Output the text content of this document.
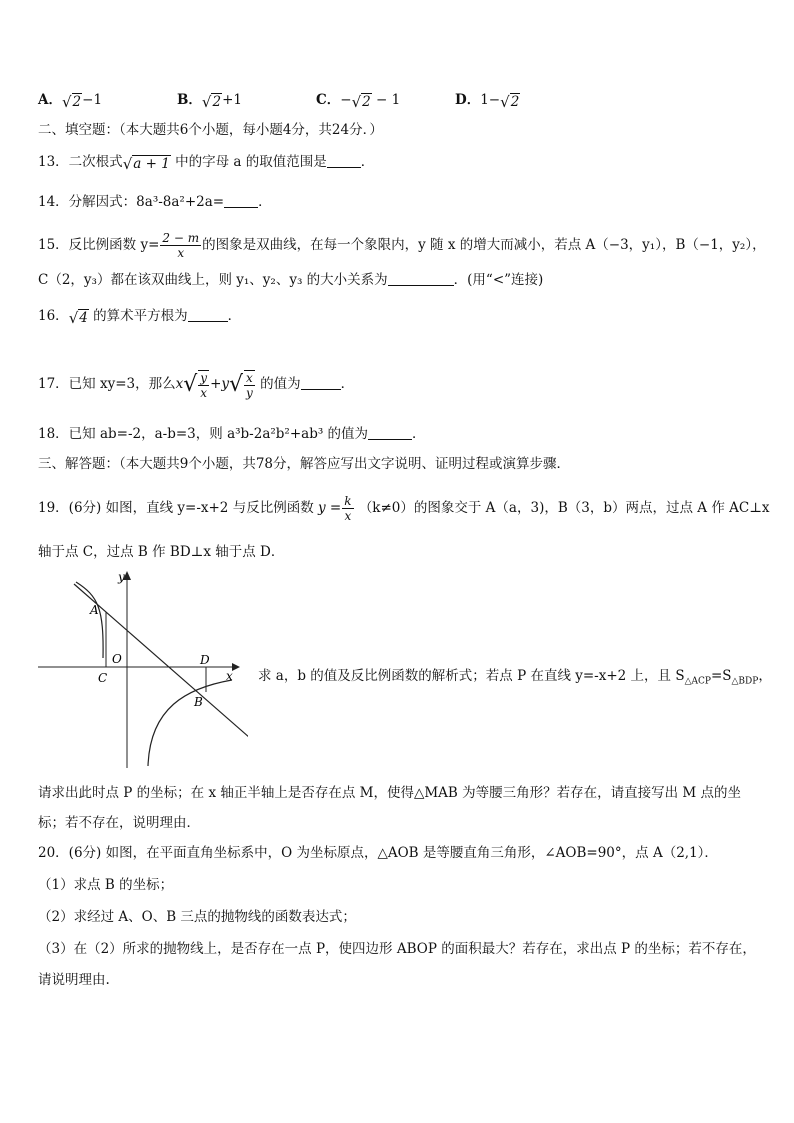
A． √ 2 −1	B． √ 2 +1	C．− √ 2 − 1	D．1− √ 2
二、填空题：（本大题共6个小题，每小题4分，共24分．）
13．二次根式 √ a + 1 中的字母 a 的取值范围是	．
14．分解因式：8a³-8a²+2a=	．
15．反比例函数 $y= \frac{2 - m}{x}$ 的图象是双曲线，在每一个象限内，y 随 x 的增大而减小，若点 A（−3，y₁），B（−1，y₂），
C（2，y₃）都在该双曲线上，则 y₁、y₂、y₃ 的大小关系为	．(用“<”连接)
16． √ 4 的算术平方根为	．
17．已知 xy=3，那么x √ $\frac{y}{x} +y$ √ $\frac{x}{y}$ 的值为	．
18．已知 ab=-2，a-b=3，则 a³b-2a²b²+ab³ 的值为	．
三、解答题：（本大题共9个小题，共78分，解答应写出文字说明、证明过程或演算步骤．
19．(6分) 如图，直线 y=-x+2 与反比例函数 $y = \frac{k}{x} (k\ne 0)$的图象交于 A（a，3)，B（3，b）两点，过点 A 作 AC⊥x
轴于点 C，过点 B 作 BD⊥x 轴于点 D．
y
x
O
A
B
C
D
求 a，b 的值及反比例函数的解析式；若点 P 在直线 y=-x+2 上，且 $S_{\triangle ACP}=S_{\triangle BDP}$，
请求出此时点 P 的坐标；在 x 轴正半轴上是否存在点 M，使得△MAB 为等腰三角形？若存在，请直接写出 M 点的坐
标；若不存在，说明理由．
20．(6分) 如图，在平面直角坐标系中，O 为坐标原点，△AOB 是等腰直角三角形，∠AOB=90°，点 A（2,1）．
（1）求点 B 的坐标；
（2）求经过 A、O、B 三点的抛物线的函数表达式；
（3）在（2）所求的抛物线上，是否存在一点 P，使四边形 ABOP 的面积最大？若存在，求出点 P 的坐标；若不存在，
请说明理由.
